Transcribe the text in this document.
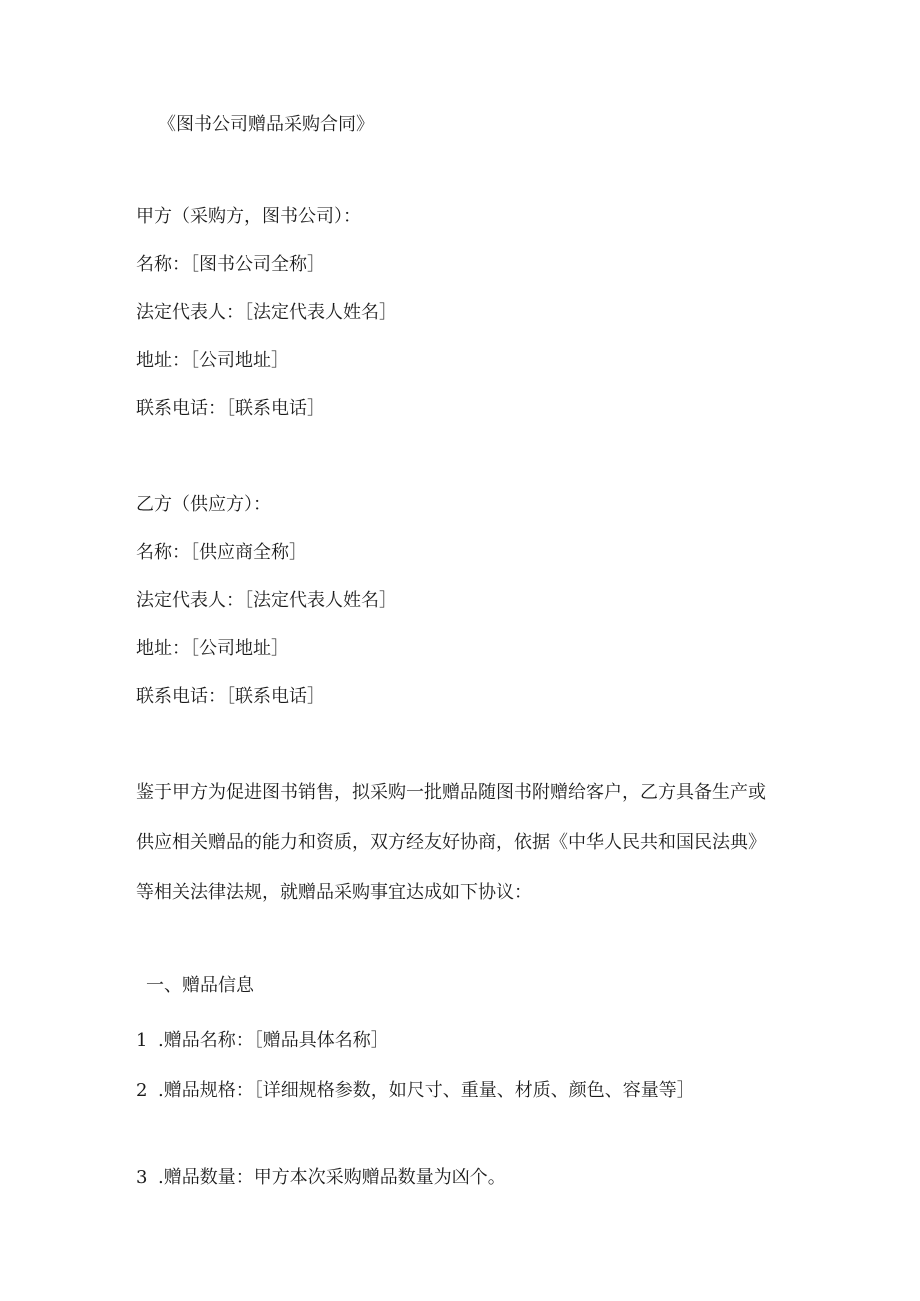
《图书公司赠品采购合同》
甲方（采购方，图书公司）：
名称：［图书公司全称］
法定代表人：［法定代表人姓名］
地址：［公司地址］
联系电话：［联系电话］
乙方（供应方）：
名称：［供应商全称］
法定代表人：［法定代表人姓名］
地址：［公司地址］
联系电话：［联系电话］
鉴于甲方为促进图书销售，拟采购一批赠品随图书附赠给客户，乙方具备生产或
供应相关赠品的能力和资质，双方经友好协商，依据《中华人民共和国民法典》
等相关法律法规，就赠品采购事宜达成如下协议：
一、赠品信息
1 .赠品名称：［赠品具体名称］
2 .赠品规格：［详细规格参数，如尺寸、重量、材质、颜色、容量等］
3 .赠品数量：甲方本次采购赠品数量为凶个。
